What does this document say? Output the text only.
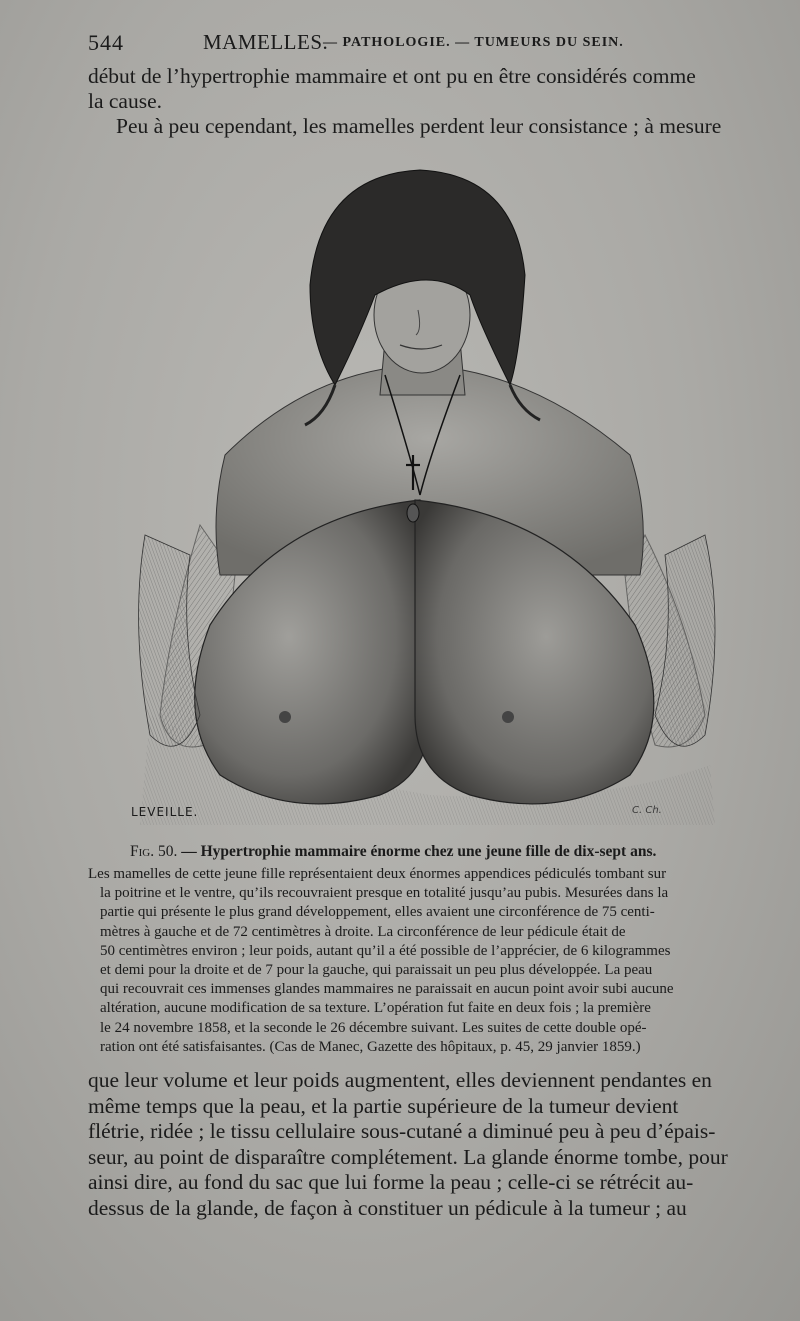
544	MAMELLES.
— PATHOLOGIE. — TUMEURS DU SEIN.

début de l’hypertrophie mammaire et ont pu en être considérés comme

la cause.

Peu à peu cependant, les mamelles perdent leur consistance ; à mesure

LEVEILLE.	C. Ch.
Fig. 50. — Hypertrophie mammaire énorme chez une jeune fille de dix-sept ans.
Les mamelles de cette jeune fille représentaient deux énormes appendices pédiculés tombant sur
la poitrine et le ventre, qu’ils recouvraient presque en totalité jusqu’au pubis. Mesurées dans la
partie qui présente le plus grand développement, elles avaient une circonférence de 75 centi-
mètres à gauche et de 72 centimètres à droite. La circonférence de leur pédicule était de
50 centimètres environ ; leur poids, autant qu’il a été possible de l’apprécier, de 6 kilogrammes
et demi pour la droite et de 7 pour la gauche, qui paraissait un peu plus développée. La peau
qui recouvrait ces immenses glandes mammaires ne paraissait en aucun point avoir subi aucune
altération, aucune modification de sa texture. L’opération fut faite en deux fois ; la première
le 24 novembre 1858, et la seconde le 26 décembre suivant. Les suites de cette double opé-
ration ont été satisfaisantes. (Cas de Manec, Gazette des hôpitaux, p. 45, 29 janvier 1859.)

que leur volume et leur poids augmentent, elles deviennent pendantes en

même temps que la peau, et la partie supérieure de la tumeur devient

flétrie, ridée ; le tissu cellulaire sous-cutané a diminué peu à peu d’épais-

seur, au point de disparaître complétement. La glande énorme tombe, pour

ainsi dire, au fond du sac que lui forme la peau ; celle-ci se rétrécit au-

dessus de la glande, de façon à constituer un pédicule à la tumeur ; au
